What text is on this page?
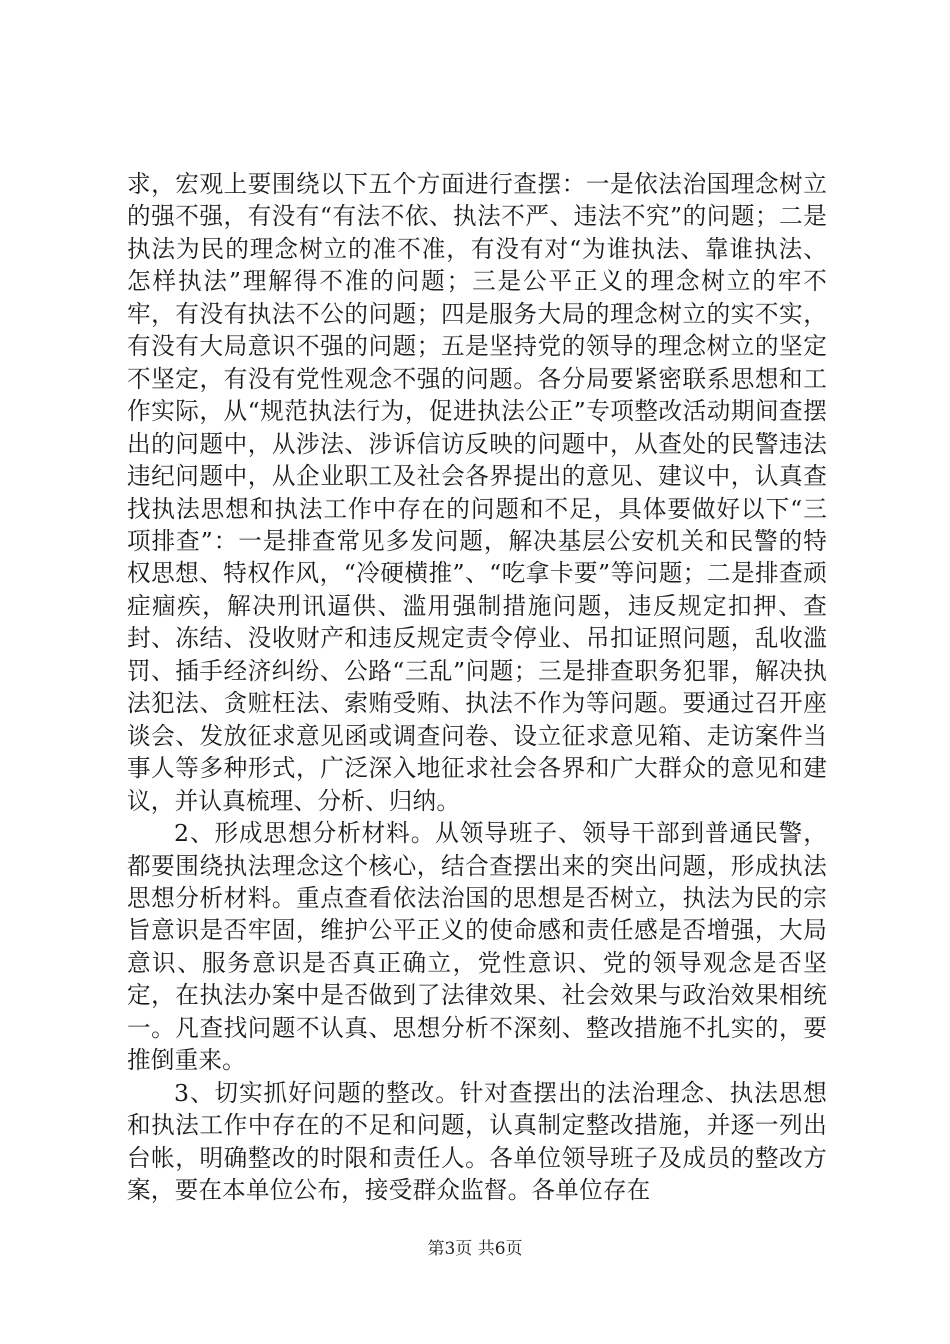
求，宏观上要围绕以下五个方面进行查摆：一是依法治国理念树立的强不强，有没有“有法不依、执法不严、违法不究”的问题；二是执法为民的理念树立的准不准，有没有对“为谁执法、靠谁执法、怎样执法”理解得不准的问题；三是公平正义的理念树立的牢不牢，有没有执法不公的问题；四是服务大局的理念树立的实不实，有没有大局意识不强的问题；五是坚持党的领导的理念树立的坚定不坚定，有没有党性观念不强的问题。各分局要紧密联系思想和工作实际，从“规范执法行为，促进执法公正”专项整改活动期间查摆出的问题中，从涉法、涉诉信访反映的问题中，从查处的民警违法违纪问题中，从企业职工及社会各界提出的意见、建议中，认真查找执法思想和执法工作中存在的问题和不足，具体要做好以下“三项排查”：一是排查常见多发问题，解决基层公安机关和民警的特权思想、特权作风，“冷硬横推”、“吃拿卡要”等问题；二是排查顽症痼疾，解决刑讯逼供、滥用强制措施问题，违反规定扣押、查封、冻结、没收财产和违反规定责令停业、吊扣证照问题，乱收滥罚、插手经济纠纷、公路“三乱”问题；三是排查职务犯罪，解决执法犯法、贪赃枉法、索贿受贿、执法不作为等问题。要通过召开座谈会、发放征求意见函或调查问卷、设立征求意见箱、走访案件当事人等多种形式，广泛深入地征求社会各界和广大群众的意见和建议，并认真梳理、分析、归纳。

2、形成思想分析材料。从领导班子、领导干部到普通民警，都要围绕执法理念这个核心，结合查摆出来的突出问题，形成执法思想分析材料。重点查看依法治国的思想是否树立，执法为民的宗旨意识是否牢固，维护公平正义的使命感和责任感是否增强，大局意识、服务意识是否真正确立，党性意识、党的领导观念是否坚定，在执法办案中是否做到了法律效果、社会效果与政治效果相统一。凡查找问题不认真、思想分析不深刻、整改措施不扎实的，要推倒重来。

3、切实抓好问题的整改。针对查摆出的法治理念、执法思想和执法工作中存在的不足和问题，认真制定整改措施，并逐一列出台帐，明确整改的时限和责任人。各单位领导班子及成员的整改方案，要在本单位公布，接受群众监督。各单位存在

第3页 共6页
